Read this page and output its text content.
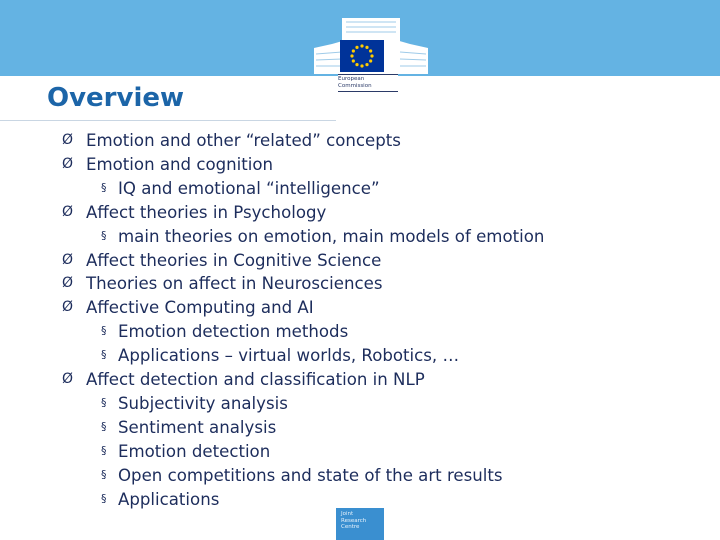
European
Commission
Overview
Ø Emotion and other “related” concepts
Ø Emotion and cognition
§ IQ and emotional “intelligence”
Ø Affect theories in Psychology
§ main theories on emotion, main models of emotion
Ø Affect theories in Cognitive Science
Ø Theories on affect in Neurosciences
Ø Affective Computing and AI
§ Emotion detection methods
§ Applications – virtual worlds, Robotics, …
Ø Affect detection and classification in NLP
§ Subjectivity analysis
§ Sentiment analysis
§ Emotion detection
§ Open competitions and state of the art results
§ Applications
Joint
Research
Centre
